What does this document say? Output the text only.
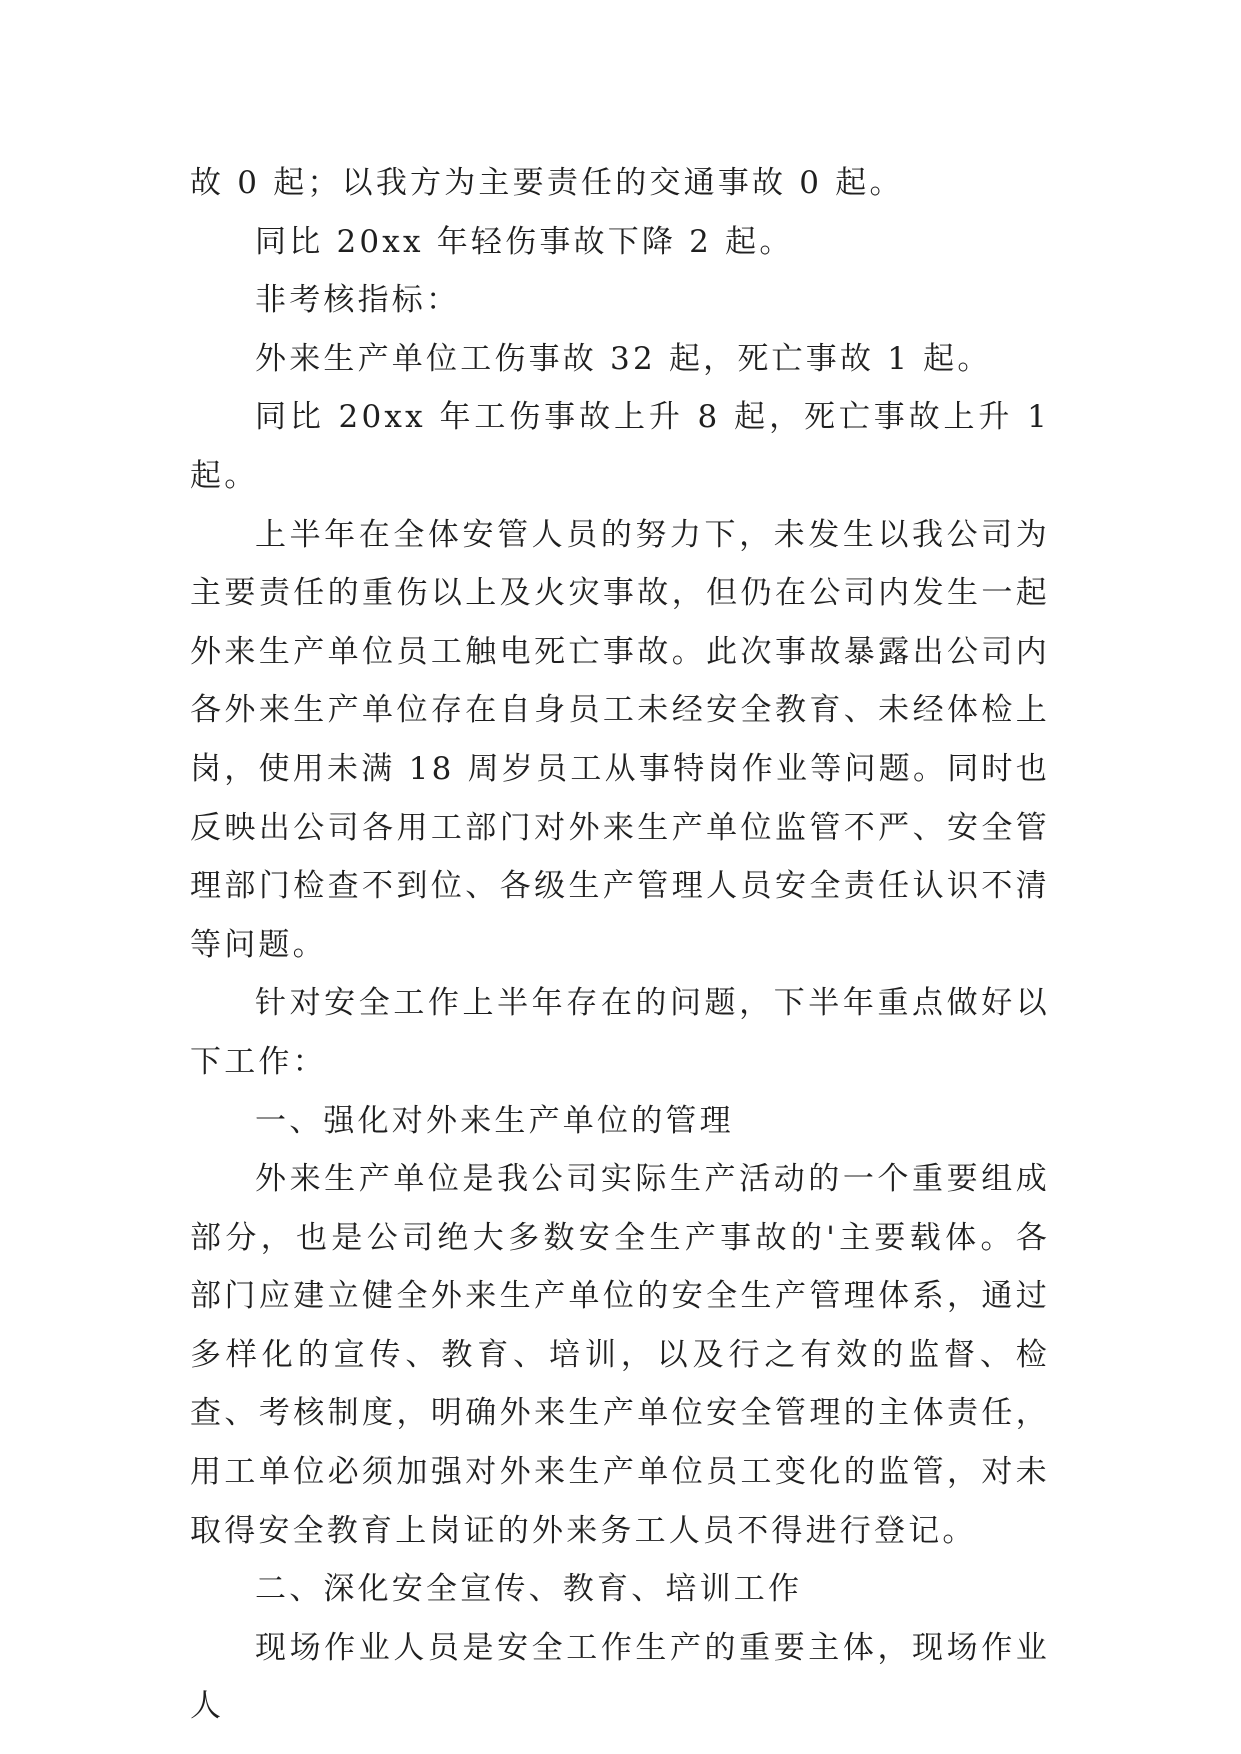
故 0 起；以我方为主要责任的交通事故 0 起。

同比 20xx 年轻伤事故下降 2 起。

非考核指标：

外来生产单位工伤事故 32 起，死亡事故 1 起。

同比 20xx 年工伤事故上升 8 起，死亡事故上升 1 起。

上半年在全体安管人员的努力下，未发生以我公司为主要责任的重伤以上及火灾事故，但仍在公司内发生一起外来生产单位员工触电死亡事故。此次事故暴露出公司内各外来生产单位存在自身员工未经安全教育、未经体检上岗，使用未满 18 周岁员工从事特岗作业等问题。同时也反映出公司各用工部门对外来生产单位监管不严、安全管理部门检查不到位、各级生产管理人员安全责任认识不清等问题。

针对安全工作上半年存在的问题，下半年重点做好以下工作：

一、强化对外来生产单位的管理

外来生产单位是我公司实际生产活动的一个重要组成部分，也是公司绝大多数安全生产事故的'主要载体。各部门应建立健全外来生产单位的安全生产管理体系，通过多样化的宣传、教育、培训，以及行之有效的监督、检查、考核制度，明确外来生产单位安全管理的主体责任，用工单位必须加强对外来生产单位员工变化的监管，对未取得安全教育上岗证的外来务工人员不得进行登记。

二、深化安全宣传、教育、培训工作

现场作业人员是安全工作生产的重要主体，现场作业人
